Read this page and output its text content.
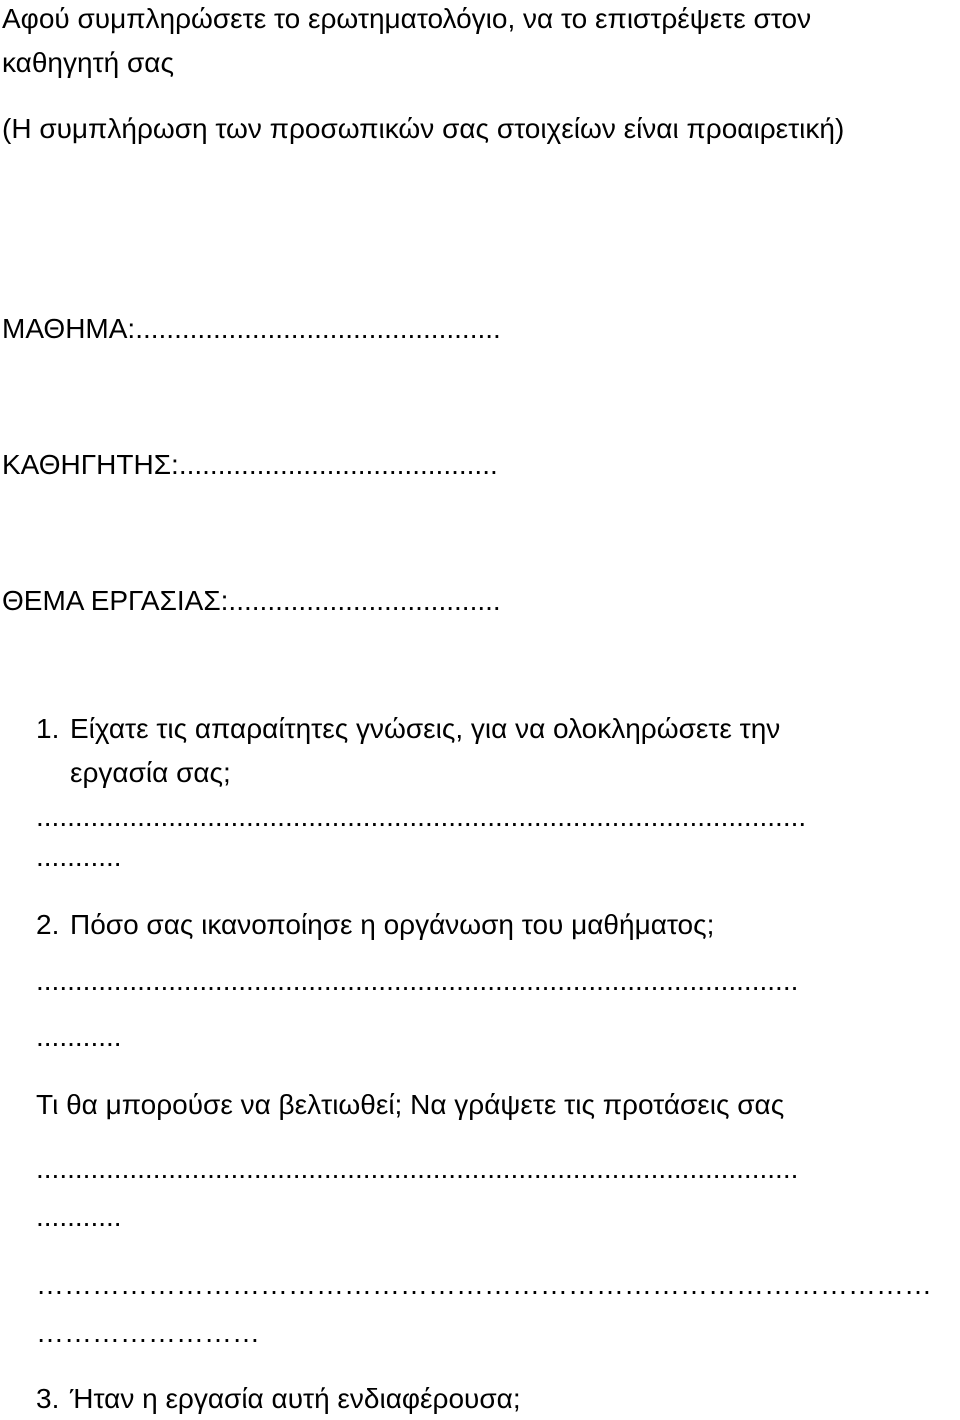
Αφού συμπληρώσετε το ερωτηματολόγιο, να το επιστρέψετε στον
καθηγητή σας
(Η συμπλήρωση των προσωπικών σας στοιχείων είναι προαιρετική)
ΜΑΘΗΜΑ:...............................................
ΚΑΘΗΓΗΤΗΣ:.........................................
ΘΕΜΑ ΕΡΓΑΣΙΑΣ:...................................
1. Είχατε τις απαραίτητες γνώσεις, για να ολοκληρώσετε την
εργασία σας;
...................................................................................................
...........
2. Πόσο σας ικανοποίησε η οργάνωση του μαθήματος;
..................................................................................................
...........
Τι θα μπορούσε να βελτιωθεί; Να γράψετε τις προτάσεις σας
..................................................................................................
...........
……………………………………………………………………………………
……………………
3. Ήταν η εργασία αυτή ενδιαφέρουσα;
